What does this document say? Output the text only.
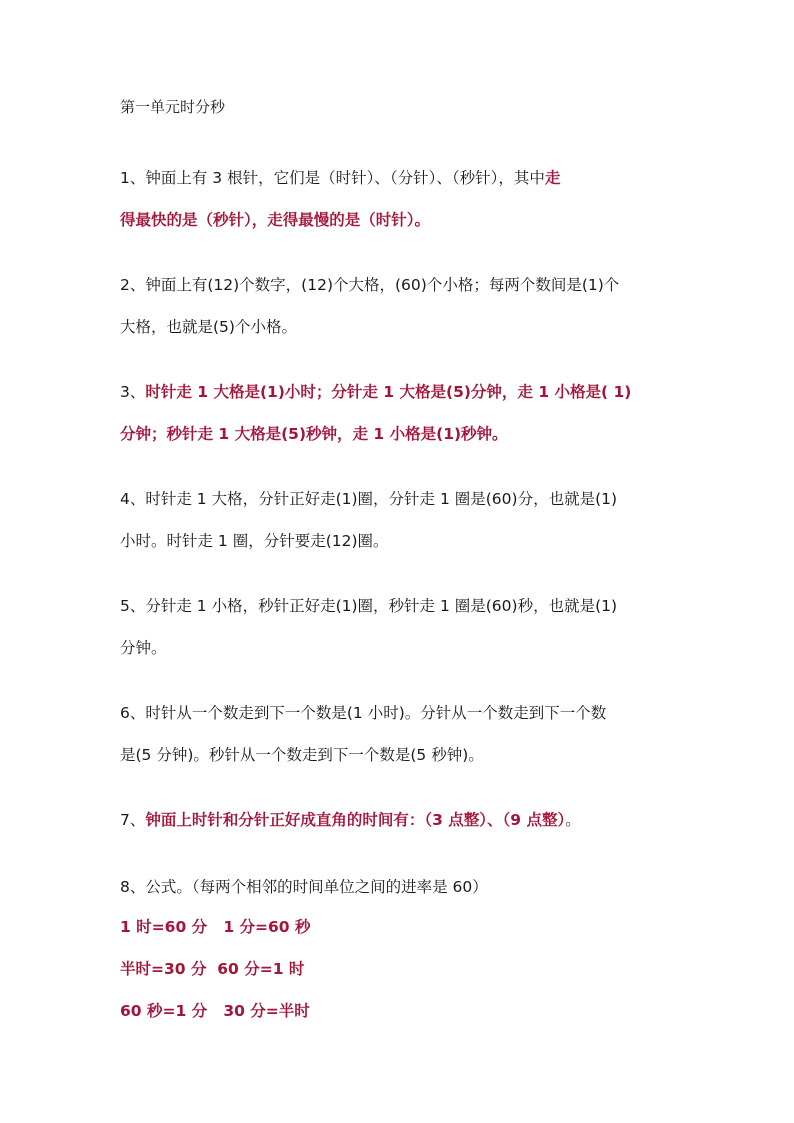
第一单元时分秒
1、钟面上有 3 根针，它们是（时针）、（分针）、（秒针），其中走
得最快的是（秒针），走得最慢的是（时针）。
2、钟面上有(12)个数字，(12)个大格，(60)个小格；每两个数间是(1)个
大格，也就是(5)个小格。
3、时针走 1 大格是(1)小时；分针走 1 大格是(5)分钟，走 1 小格是( 1)
分钟；秒针走 1 大格是(5)秒钟，走 1 小格是(1)秒钟。
4、时针走 1 大格，分针正好走(1)圈，分针走 1 圈是(60)分，也就是(1)
小时。时针走 1 圈，分针要走(12)圈。
5、分针走 1 小格，秒针正好走(1)圈，秒针走 1 圈是(60)秒，也就是(1)
分钟。
6、时针从一个数走到下一个数是(1 小时)。分针从一个数走到下一个数
是(5 分钟)。秒针从一个数走到下一个数是(5 秒钟)。
7、钟面上时针和分针正好成直角的时间有：（3 点整）、（9 点整）。
8、公式。（每两个相邻的时间单位之间的进率是 60）
1 时=60 分   1 分=60 秒
半时=30 分  60 分=1 时
60 秒=1 分   30 分=半时
